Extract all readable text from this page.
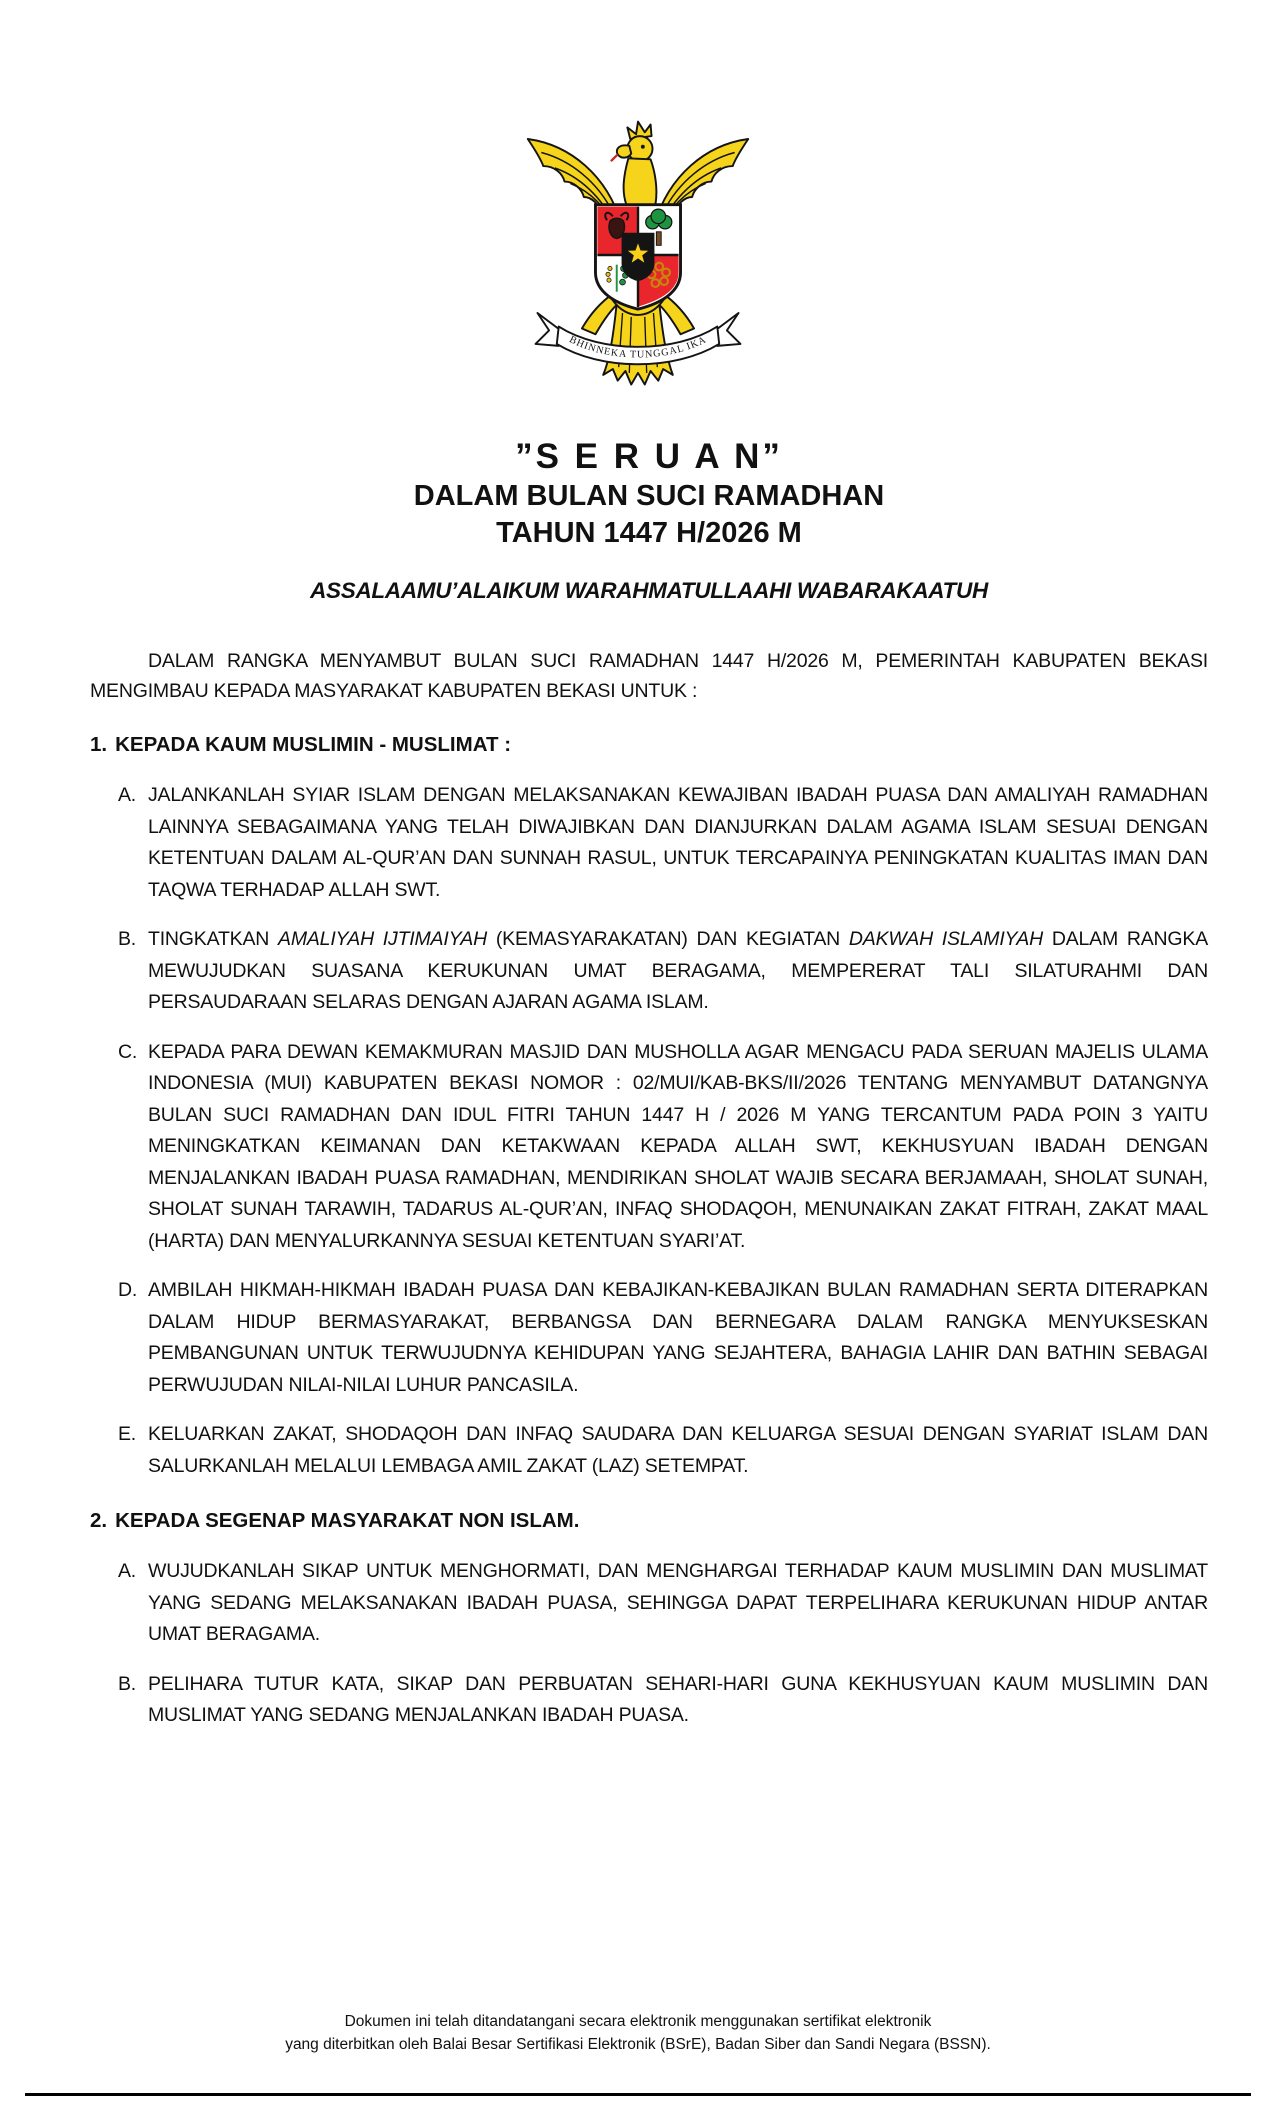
BHINNEKA TUNGGAL IKA
”S E R U A N”
DALAM BULAN SUCI RAMADHAN
TAHUN 1447 H/2026 M
ASSALAAMU’ALAIKUM WARAHMATULLAAHI WABARAKAATUH
DALAM RANGKA MENYAMBUT BULAN SUCI RAMADHAN 1447 H/2026 M, PEMERINTAH KABUPATEN BEKASI MENGIMBAU KEPADA MASYARAKAT KABUPATEN BEKASI UNTUK :
1. KEPADA KAUM MUSLIMIN - MUSLIMAT :
A. JALANKANLAH SYIAR ISLAM DENGAN MELAKSANAKAN KEWAJIBAN IBADAH PUASA DAN AMALIYAH RAMADHAN LAINNYA SEBAGAIMANA YANG TELAH DIWAJIBKAN DAN DIANJURKAN DALAM AGAMA ISLAM SESUAI DENGAN KETENTUAN DALAM AL-QUR’AN DAN SUNNAH RASUL, UNTUK TERCAPAINYA PENINGKATAN KUALITAS IMAN DAN TAQWA TERHADAP ALLAH SWT.
B. TINGKATKAN AMALIYAH IJTIMAIYAH (KEMASYARAKATAN) DAN KEGIATAN DAKWAH ISLAMIYAH DALAM RANGKA MEWUJUDKAN SUASANA KERUKUNAN UMAT BERAGAMA, MEMPERERAT TALI SILATURAHMI DAN PERSAUDARAAN SELARAS DENGAN AJARAN AGAMA ISLAM.
C. KEPADA PARA DEWAN KEMAKMURAN MASJID DAN MUSHOLLA AGAR MENGACU PADA SERUAN MAJELIS ULAMA INDONESIA (MUI) KABUPATEN BEKASI NOMOR : 02/MUI/KAB-BKS/II/2026 TENTANG MENYAMBUT DATANGNYA BULAN SUCI RAMADHAN DAN IDUL FITRI TAHUN 1447 H / 2026 M YANG TERCANTUM PADA POIN 3 YAITU MENINGKATKAN KEIMANAN DAN KETAKWAAN KEPADA ALLAH SWT, KEKHUSYUAN IBADAH DENGAN MENJALANKAN IBADAH PUASA RAMADHAN, MENDIRIKAN SHOLAT WAJIB SECARA BERJAMAAH, SHOLAT SUNAH, SHOLAT SUNAH TARAWIH, TADARUS AL-QUR’AN, INFAQ SHODAQOH, MENUNAIKAN ZAKAT FITRAH, ZAKAT MAAL (HARTA) DAN MENYALURKANNYA SESUAI KETENTUAN SYARI’AT.
D. AMBILAH HIKMAH-HIKMAH IBADAH PUASA DAN KEBAJIKAN-KEBAJIKAN BULAN RAMADHAN SERTA DITERAPKAN DALAM HIDUP BERMASYARAKAT, BERBANGSA DAN BERNEGARA DALAM RANGKA MENYUKSESKAN PEMBANGUNAN UNTUK TERWUJUDNYA KEHIDUPAN YANG SEJAHTERA, BAHAGIA LAHIR DAN BATHIN SEBAGAI PERWUJUDAN NILAI-NILAI LUHUR PANCASILA.
E. KELUARKAN ZAKAT, SHODAQOH DAN INFAQ SAUDARA DAN KELUARGA SESUAI DENGAN SYARIAT ISLAM DAN SALURKANLAH MELALUI LEMBAGA AMIL ZAKAT (LAZ) SETEMPAT.
2. KEPADA SEGENAP MASYARAKAT NON ISLAM.
A. WUJUDKANLAH SIKAP UNTUK MENGHORMATI, DAN MENGHARGAI TERHADAP KAUM MUSLIMIN DAN MUSLIMAT YANG SEDANG MELAKSANAKAN IBADAH PUASA, SEHINGGA DAPAT TERPELIHARA KERUKUNAN HIDUP ANTAR UMAT BERAGAMA.
B. PELIHARA TUTUR KATA, SIKAP DAN PERBUATAN SEHARI-HARI GUNA KEKHUSYUAN KAUM MUSLIMIN DAN MUSLIMAT YANG SEDANG MENJALANKAN IBADAH PUASA.
Dokumen ini telah ditandatangani secara elektronik menggunakan sertifikat elektronik
yang diterbitkan oleh Balai Besar Sertifikasi Elektronik (BSrE), Badan Siber dan Sandi Negara (BSSN).
